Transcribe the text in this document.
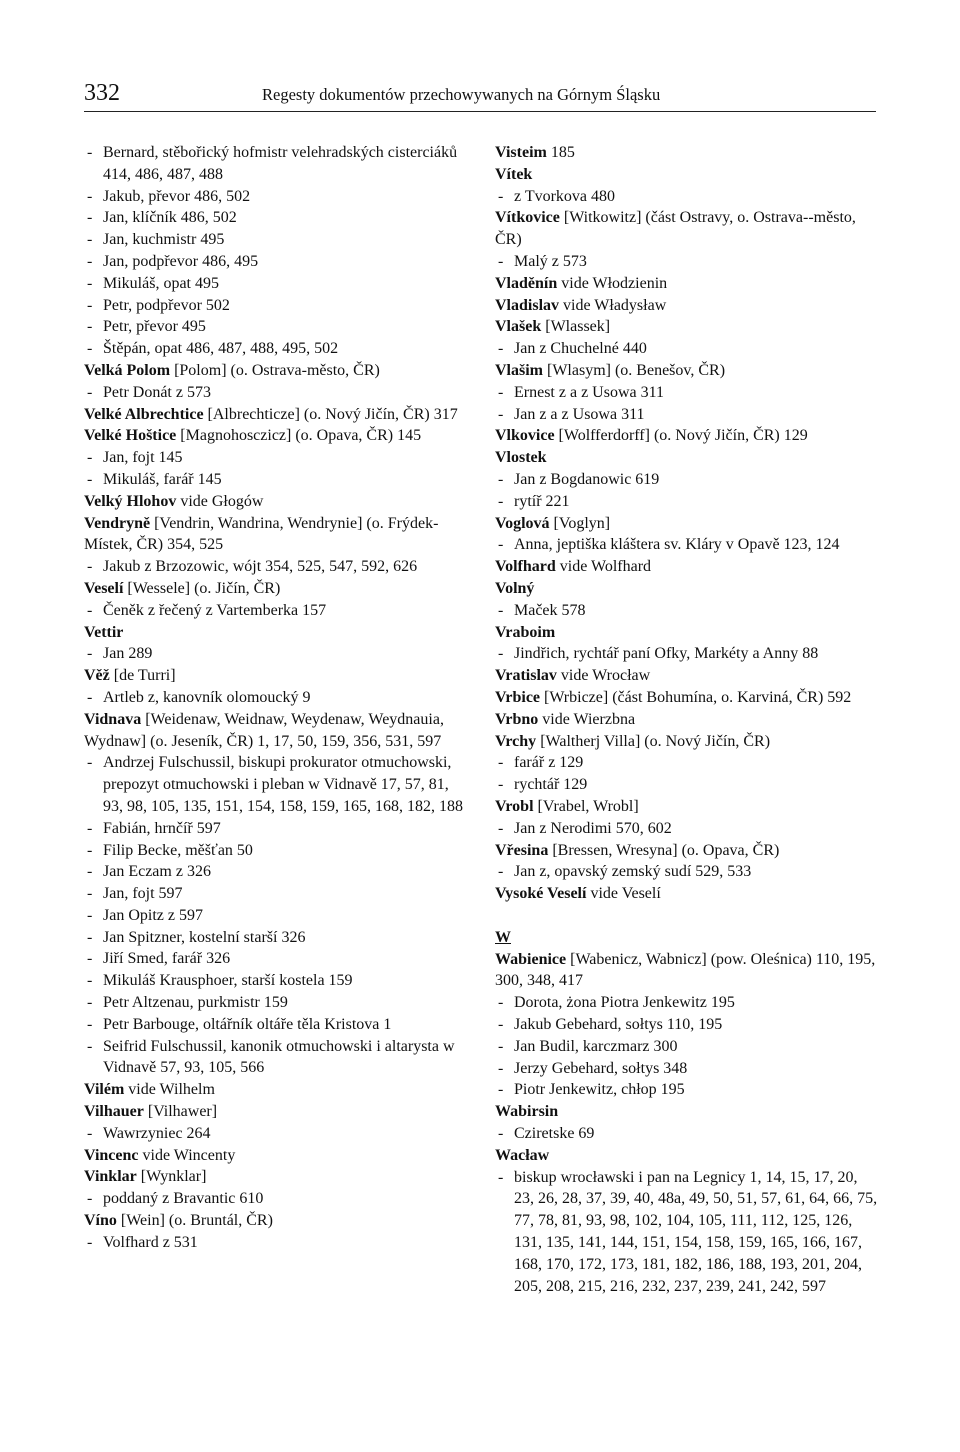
332	Regesty dokumentów przechowywanych na Górnym Śląsku

- Bernard, stěbořický hofmistr velehradských cisterciáků 414, 486, 487, 488

- Jakub, převor 486, 502

- Jan, klíčník 486, 502

- Jan, kuchmistr 495

- Jan, podpřevor 486, 495

- Mikuláš, opat 495

- Petr, podpřevor 502

- Petr, převor 495

- Štěpán, opat 486, 487, 488, 495, 502

Velká Polom [Polom] (o. Ostrava-město, ČR)

- Petr Donát z 573

Velké Albrechtice [Albrechticze] (o. Nový Jičín, ČR) 317

Velké Hoštice [Magnohosczicz] (o. Opava, ČR) 145

- Jan, fojt 145

- Mikuláš, farář 145

Velký Hlohov vide Głogów

Vendryně [Vendrin, Wandrina, Wendrynie] (o. Frýdek-Místek, ČR) 354, 525

- Jakub z Brzozowic, wójt 354, 525, 547, 592, 626

Veselí [Wessele] (o. Jičín, ČR)

- Čeněk z řečený z Vartemberka 157

Vettir

- Jan 289

Věž [de Turri]

- Artleb z, kanovník olomoucký 9

Vidnava [Weidenaw, Weidnaw, Weydenaw, Weydnauia, Wydnaw] (o. Jeseník, ČR) 1, 17, 50, 159, 356, 531, 597

- Andrzej Fulschussil, biskupi prokurator otmuchowski, prepozyt otmuchowski i pleban w Vidnavě 17, 57, 81, 93, 98, 105, 135, 151, 154, 158, 159, 165, 168, 182, 188

- Fabián, hrnčíř 597

- Filip Becke, měšťan 50

- Jan Eczam z 326

- Jan, fojt 597

- Jan Opitz z 597

- Jan Spitzner, kostelní starší 326

- Jiří Smed, farář 326

- Mikuláš Krausphoer, starší kostela 159

- Petr Altzenau, purkmistr 159

- Petr Barbouge, oltářník oltáře těla Kristova 1

- Seifrid Fulschussil, kanonik otmuchowski i altarysta w Vidnavě 57, 93, 105, 566

Vilém vide Wilhelm

Vilhauer [Vilhawer]

- Wawrzyniec 264

Vincenc vide Wincenty

Vinklar [Wynklar]

- poddaný z Bravantic 610

Víno [Wein] (o. Bruntál, ČR)

- Volfhard z 531

Visteim 185

Vítek

- z Tvorkova 480

Vítkovice [Witkowitz] (část Ostravy, o. Ostrava--město, ČR)

- Malý z 573

Vladěnín vide Włodzienin

Vladislav vide Władysław

Vlašek [Wlassek]

- Jan z Chuchelné 440

Vlašim [Wlasym] (o. Benešov, ČR)

- Ernest z a z Usowa 311

- Jan z a z Usowa 311

Vlkovice [Wolfferdorff] (o. Nový Jičín, ČR) 129

Vlostek

- Jan z Bogdanowic 619

- rytíř 221

Voglová [Voglyn]

- Anna, jeptiška kláštera sv. Kláry v Opavě 123, 124

Volfhard vide Wolfhard

Volný

- Maček 578

Vraboim

- Jindřich, rychtář paní Ofky, Markéty a Anny 88

Vratislav vide Wrocław

Vrbice [Wrbicze] (část Bohumína, o. Karviná, ČR) 592

Vrbno vide Wierzbna

Vrchy [Waltherj Villa] (o. Nový Jičín, ČR)

- farář z 129

- rychtář 129

Vrobl [Vrabel, Wrobl]

- Jan z Nerodimi 570, 602

Vřesina [Bressen, Wresyna] (o. Opava, ČR)

- Jan z, opavský zemský sudí 529, 533

Vysoké Veselí vide Veselí

W

Wabienice [Wabenicz, Wabnicz] (pow. Oleśnica) 110, 195, 300, 348, 417

- Dorota, żona Piotra Jenkewitz 195

- Jakub Gebehard, sołtys 110, 195

- Jan Budil, karczmarz 300

- Jerzy Gebehard, sołtys 348

- Piotr Jenkewitz, chłop 195

Wabirsin

- Cziretske 69

Wacław

- biskup wrocławski i pan na Legnicy 1, 14, 15, 17, 20, 23, 26, 28, 37, 39, 40, 48a, 49, 50, 51, 57, 61, 64, 66, 75, 77, 78, 81, 93, 98, 102, 104, 105, 111, 112, 125, 126, 131, 135, 141, 144, 151, 154, 158, 159, 165, 166, 167, 168, 170, 172, 173, 181, 182, 186, 188, 193, 201, 204, 205, 208, 215, 216, 232, 237, 239, 241, 242, 597
